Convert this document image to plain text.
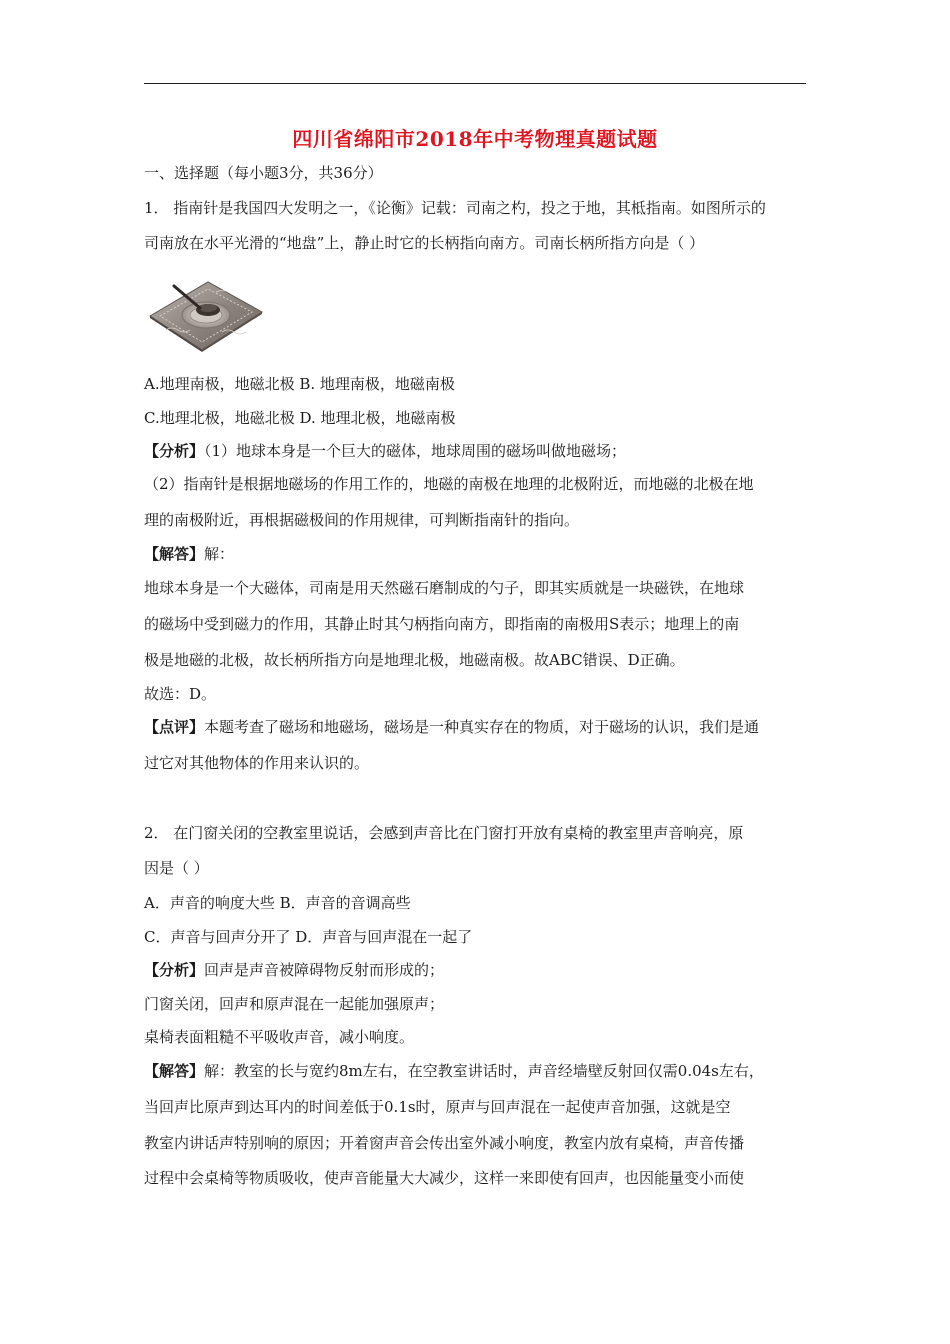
四川省绵阳市2018年中考物理真题试题
一、选择题（每小题3分，共36分）
1． 指南针是我国四大发明之一，《论衡》记载：司南之杓，投之于地，其柢指南。如图所示的
司南放在水平光滑的“地盘”上，静止时它的长柄指向南方。司南长柄所指方向是（ ）
A.地理南极，地磁北极 B. 地理南极，地磁南极
C.地理北极，地磁北极 D. 地理北极，地磁南极
【分析】（1）地球本身是一个巨大的磁体，地球周围的磁场叫做地磁场；
（2）指南针是根据地磁场的作用工作的，地磁的南极在地理的北极附近，而地磁的北极在地
理的南极附近，再根据磁极间的作用规律，可判断指南针的指向。
【解答】解：
地球本身是一个大磁体，司南是用天然磁石磨制成的勺子，即其实质就是一块磁铁，在地球
的磁场中受到磁力的作用，其静止时其勺柄指向南方，即指南的南极用S表示；地理上的南
极是地磁的北极，故长柄所指方向是地理北极，地磁南极。故ABC错误、D正确。
故选：D。
【点评】本题考查了磁场和地磁场，磁场是一种真实存在的物质，对于磁场的认识，我们是通
过它对其他物体的作用来认识的。
2． 在门窗关闭的空教室里说话，会感到声音比在门窗打开放有桌椅的教室里声音响亮，原
因是（ ）
A．声音的响度大些 B．声音的音调高些
C．声音与回声分开了 D．声音与回声混在一起了
【分析】回声是声音被障碍物反射而形成的；
门窗关闭，回声和原声混在一起能加强原声；
桌椅表面粗糙不平吸收声音，减小响度。
【解答】解：教室的长与宽约8m左右，在空教室讲话时，声音经墙壁反射回仅需0.04s左右，
当回声比原声到达耳内的时间差低于0.1s时，原声与回声混在一起使声音加强，这就是空
教室内讲话声特别响的原因；开着窗声音会传出室外减小响度，教室内放有桌椅，声音传播
过程中会桌椅等物质吸收，使声音能量大大减少，这样一来即使有回声，也因能量变小而使
